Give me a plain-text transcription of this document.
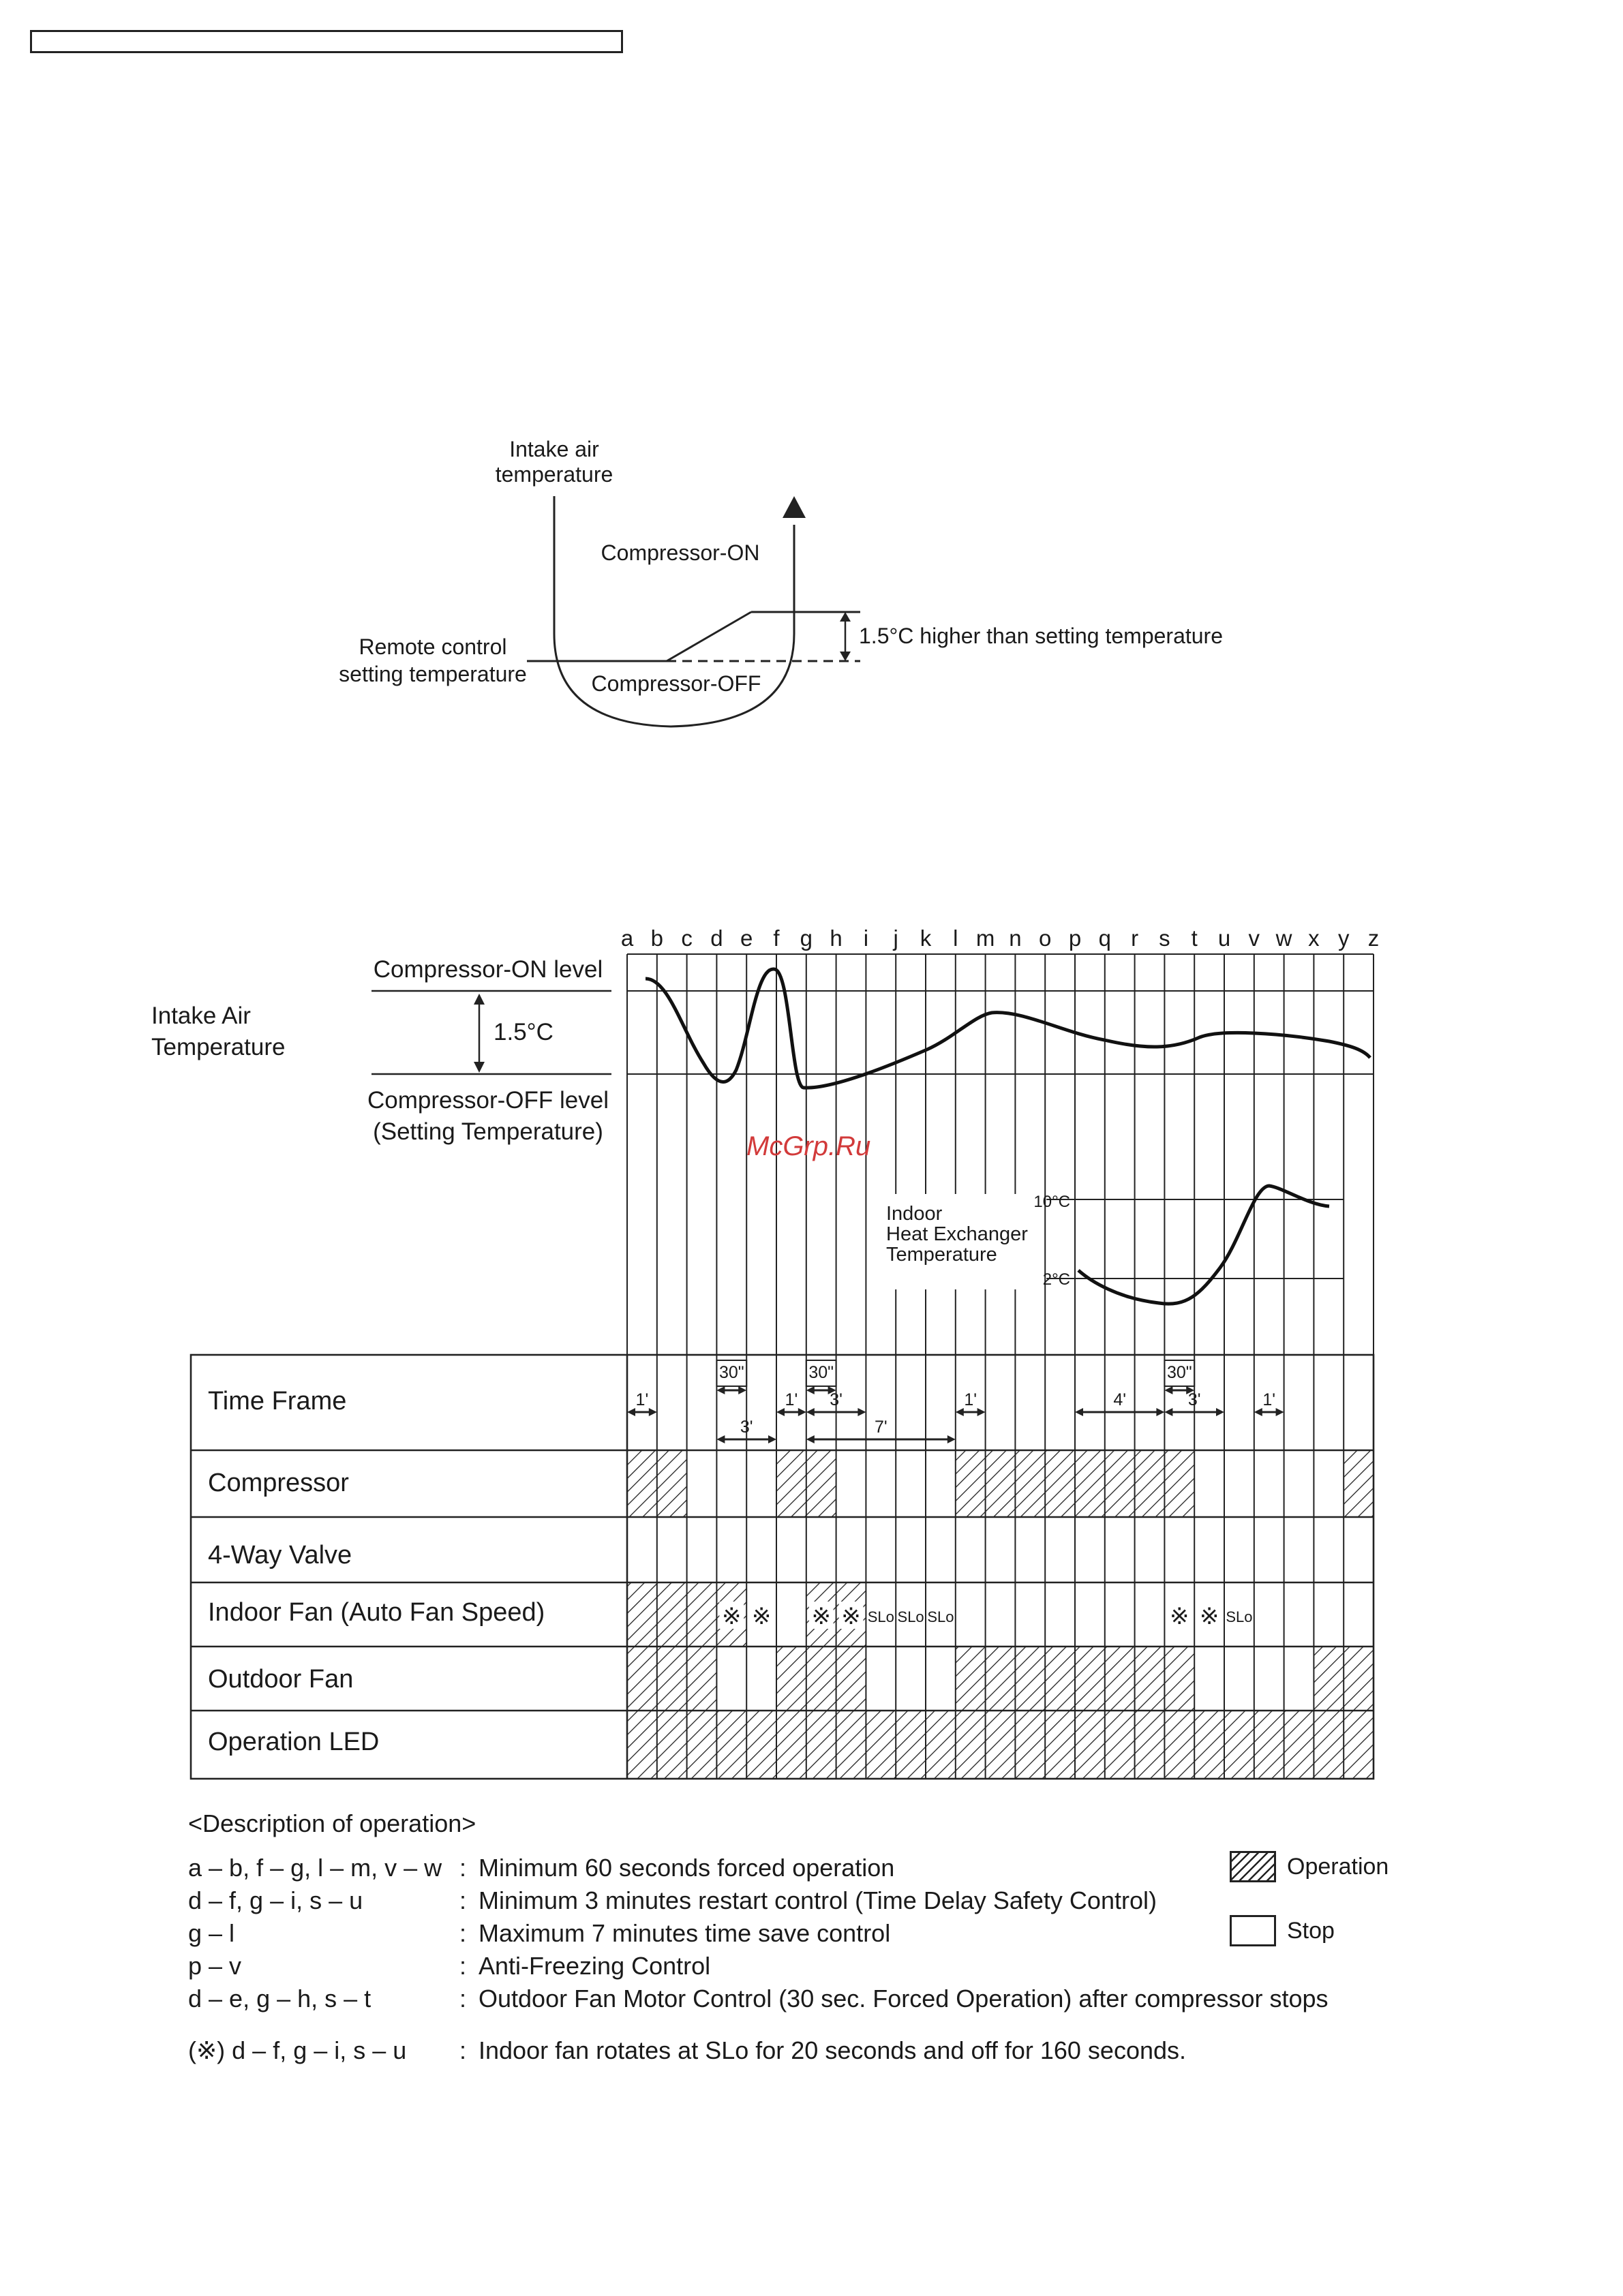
Intake air
temperature
Compressor-ON
1.5°C higher than setting temperature
Remote control
setting temperature	Compressor-OFF
a b c d e f g h i j k l m n o p q r s t u v w x y z
1'
30"
3'
1'
30"
3'
7'
1'	4'
30"
3'	1'
※ ※ ※ ※	※ ※
SLo SLo SLo	SLo
Compressor-ON level
1.5°C
Intake Air
Temperature
Compressor-OFF level
(Setting Temperature)
Time Frame
Compressor
4-Way Valve
Indoor Fan (Auto Fan Speed)
Outdoor Fan
Operation LED
Indoor
Heat Exchanger
Temperature
10°C
2°C
McGrp.Ru
<Description of operation>
a – b, f – g, l – m, v – w : Minimum 60 seconds forced operation
d – f, g – i, s – u	: Minimum 3 minutes restart control (Time Delay Safety Control)
g – l	: Maximum 7 minutes time save control
p – v	: Anti-Freezing Control
d – e, g – h, s – t	: Outdoor Fan Motor Control (30 sec. Forced Operation) after compressor stops
(※) d – f, g – i, s – u : Indoor fan rotates at SLo for 20 seconds and off for 160 seconds.
Operation
Stop
